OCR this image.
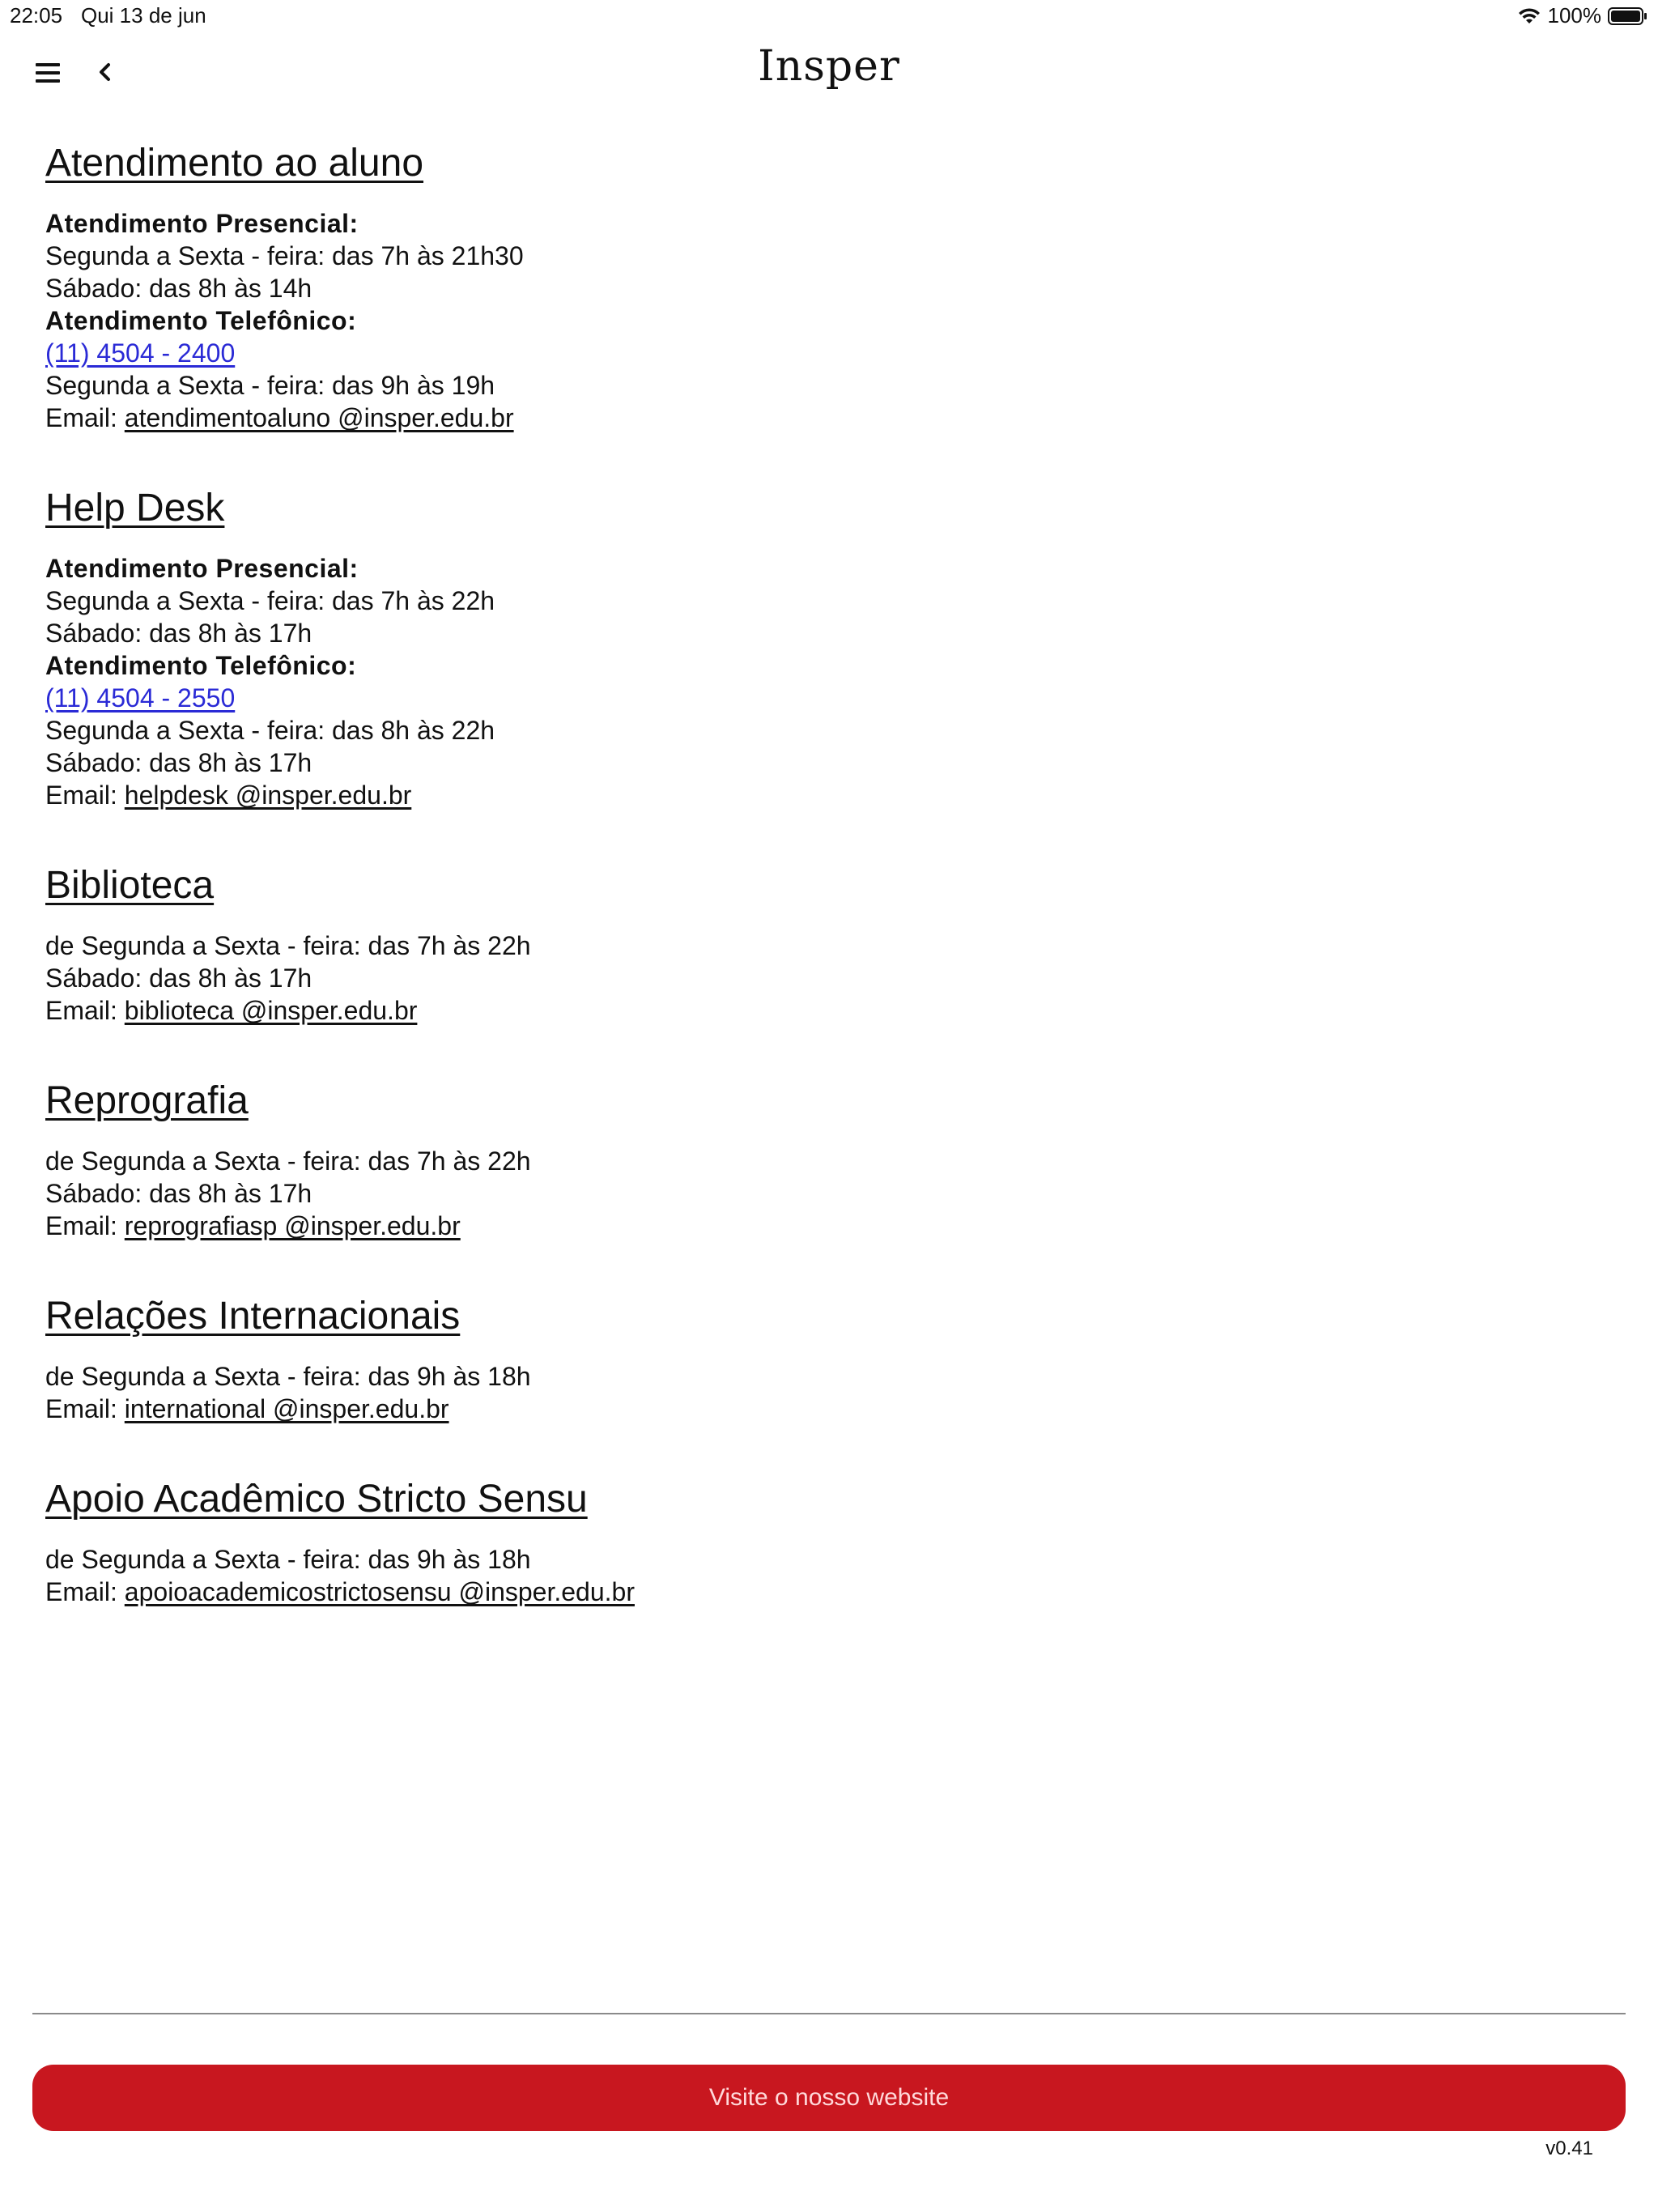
22:05 Qui 13 de jun	100%
Insper
Atendimento ao aluno
Atendimento Presencial:
Segunda a Sexta - feira: das 7h às 21h30
Sábado: das 8h às 14h
Atendimento Telefônico:
(11) 4504 - 2400
Segunda a Sexta - feira: das 9h às 19h
Email: atendimentoaluno @insper.edu.br
Help Desk
Atendimento Presencial:
Segunda a Sexta - feira: das 7h às 22h
Sábado: das 8h às 17h
Atendimento Telefônico:
(11) 4504 - 2550
Segunda a Sexta - feira: das 8h às 22h
Sábado: das 8h às 17h
Email: helpdesk @insper.edu.br
Biblioteca
de Segunda a Sexta - feira: das 7h às 22h
Sábado: das 8h às 17h
Email: biblioteca @insper.edu.br
Reprografia
de Segunda a Sexta - feira: das 7h às 22h
Sábado: das 8h às 17h
Email: reprografiasp @insper.edu.br
Relações Internacionais
de Segunda a Sexta - feira: das 9h às 18h
Email: international @insper.edu.br
Apoio Acadêmico Stricto Sensu
de Segunda a Sexta - feira: das 9h às 18h
Email: apoioacademicostrictosensu @insper.edu.br
Visite o nosso website
v0.41
